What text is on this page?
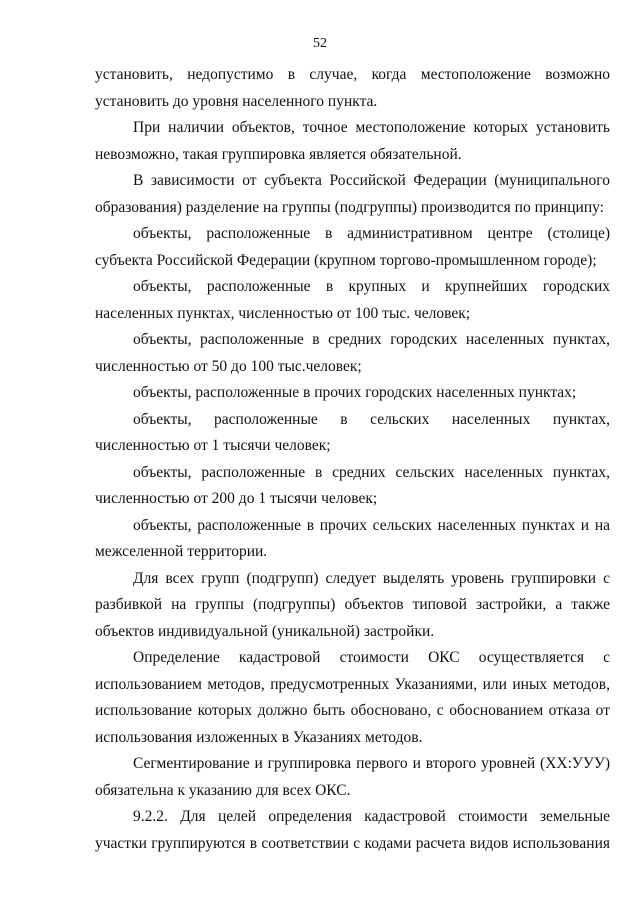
52

установить, недопустимо в случае, когда местоположение возможно установить до уровня населенного пункта.

При наличии объектов, точное местоположение которых установить невозможно, такая группировка является обязательной.

В зависимости от субъекта Российской Федерации (муниципального образования) разделение на группы (подгруппы) производится по принципу:

объекты, расположенные в административном центре (столице) субъекта Российской Федерации (крупном торгово-промышленном городе);

объекты, расположенные в крупных и крупнейших городских населенных пунктах, численностью от 100 тыс. человек;

объекты, расположенные в средних городских населенных пунктах, численностью от 50 до 100 тыс.человек;

объекты, расположенные в прочих городских населенных пунктах;

объекты, расположенные в сельских населенных пунктах, численностью от 1 тысячи человек;

объекты, расположенные в средних сельских населенных пунктах, численностью от 200 до 1 тысячи человек;

объекты, расположенные в прочих сельских населенных пунктах и на межселенной территории.

Для всех групп (подгрупп) следует выделять уровень группировки с разбивкой на группы (подгруппы) объектов типовой застройки, а также объектов индивидуальной (уникальной) застройки.

Определение кадастровой стоимости ОКС осуществляется с использованием методов, предусмотренных Указаниями, или иных методов, использование которых должно быть обосновано, с обоснованием отказа от использования изложенных в Указаниях методов.

Сегментирование и группировка первого и второго уровней (ХХ:УУУ) обязательна к указанию для всех ОКС.

9.2.2. Для целей определения кадастровой стоимости земельные участки группируются в соответствии с кодами расчета видов использования
